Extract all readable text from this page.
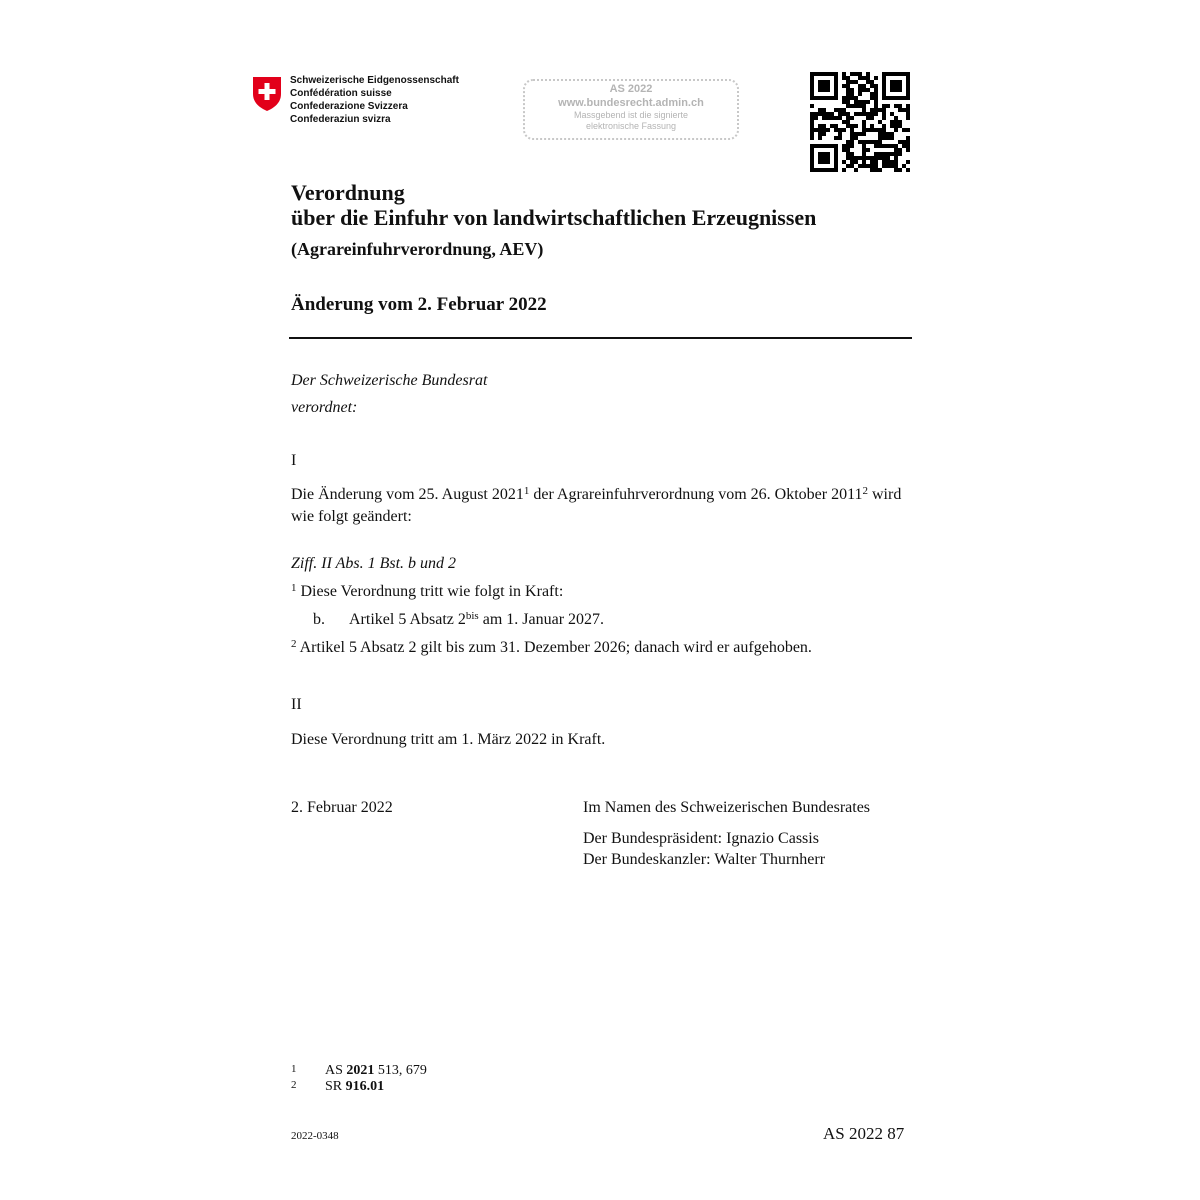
Schweizerische Eidgenossenschaft
Confédération suisse
Confederazione Svizzera
Confederaziun svizra
AS 2022
www.bundesrecht.admin.ch
Massgebend ist die signierte
elektronische Fassung
Verordnung
über die Einfuhr von landwirtschaftlichen Erzeugnissen
(Agrareinfuhrverordnung, AEV)
Änderung vom 2. Februar 2022
Der Schweizerische Bundesrat
verordnet:
I
Die Änderung vom 25. August 2021$^1$ der Agrareinfuhrverordnung vom 26. Oktober 2011$^2$ wird wie folgt geändert:
Ziff. II Abs. 1 Bst. b und 2
$^1$ Diese Verordnung tritt wie folgt in Kraft:
b. Artikel 5 Absatz $2^{bis}$ am 1. Januar 2027.
$^2$ Artikel 5 Absatz 2 gilt bis zum 31. Dezember 2026; danach wird er aufgehoben.
II
Diese Verordnung tritt am 1. März 2022 in Kraft.
2. Februar 2022	Im Namen des Schweizerischen Bundesrates
Der Bundespräsident: Ignazio Cassis
Der Bundeskanzler: Walter Thurnherr
1	AS 2021 513, 679
2	SR 916.01
2022-0348	AS 2022 87
